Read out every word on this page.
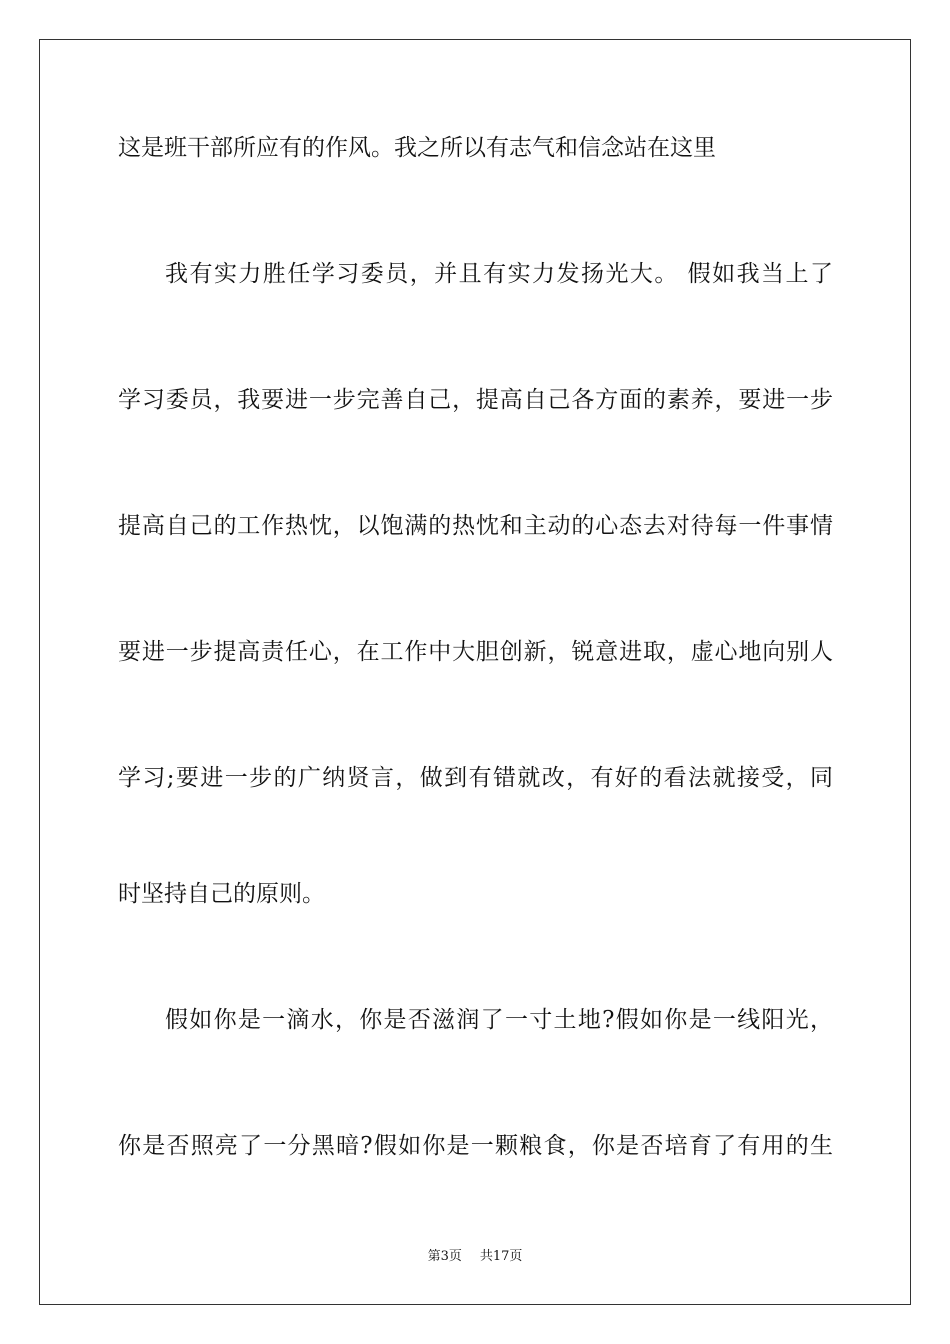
这是班干部所应有的作风。我之所以有志气和信念站在这里
我有实力胜任学习委员，并且有实力发扬光大。 假如我当上了
学习委员，我要进一步完善自己，提高自己各方面的素养，要进一步
提高自己的工作热忱，以饱满的热忱和主动的心态去对待每一件事情
要进一步提高责任心，在工作中大胆创新，锐意进取，虚心地向别人
学习;要进一步的广纳贤言，做到有错就改，有好的看法就接受，同
时坚持自己的原则。
假如你是一滴水，你是否滋润了一寸土地?假如你是一线阳光，
你是否照亮了一分黑暗?假如你是一颗粮食，你是否培育了有用的生
第3页 共17页
